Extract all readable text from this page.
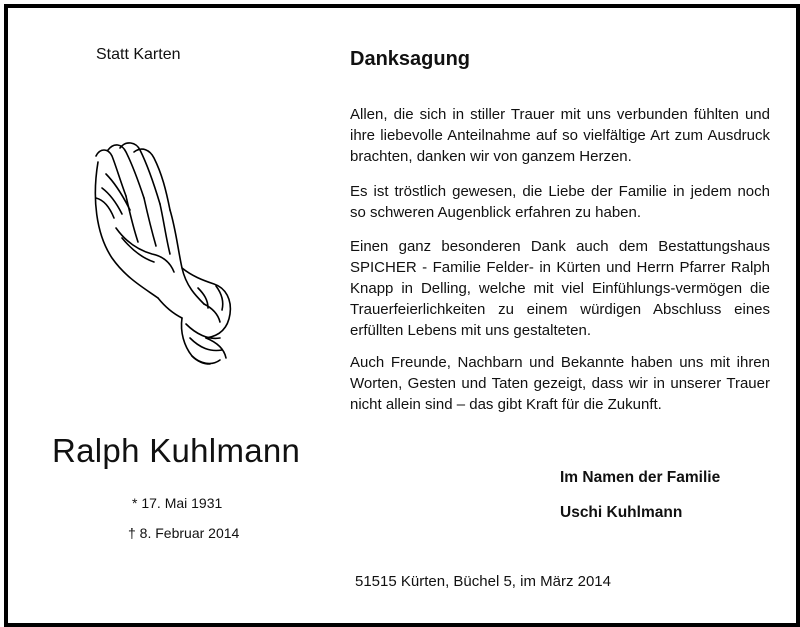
Statt Karten
Ralph Kuhlmann
* 17. Mai 1931
† 8. Februar 2014
Danksagung

Allen, die sich in stiller Trauer mit uns verbunden fühlten und ihre liebevolle Anteilnahme auf so vielfältige Art zum Ausdruck brachten, danken wir von ganzem Herzen.

Es ist tröstlich gewesen, die Liebe der Familie in jedem noch so schweren Augenblick erfahren zu haben.

Einen ganz besonderen Dank auch dem Bestattungshaus SPICHER - Familie Felder- in Kürten und Herrn Pfarrer Ralph Knapp in Delling, welche mit viel Einfühlungs-vermögen die Trauerfeierlichkeiten zu einem würdigen Abschluss eines erfüllten Lebens mit uns gestalteten.

Auch Freunde, Nachbarn und Bekannte haben uns mit ihren Worten, Gesten und Taten gezeigt, dass wir in unserer Trauer nicht allein sind – das gibt Kraft für die Zukunft.

Im Namen der Familie
Uschi Kuhlmann
51515 Kürten, Büchel 5, im März 2014
